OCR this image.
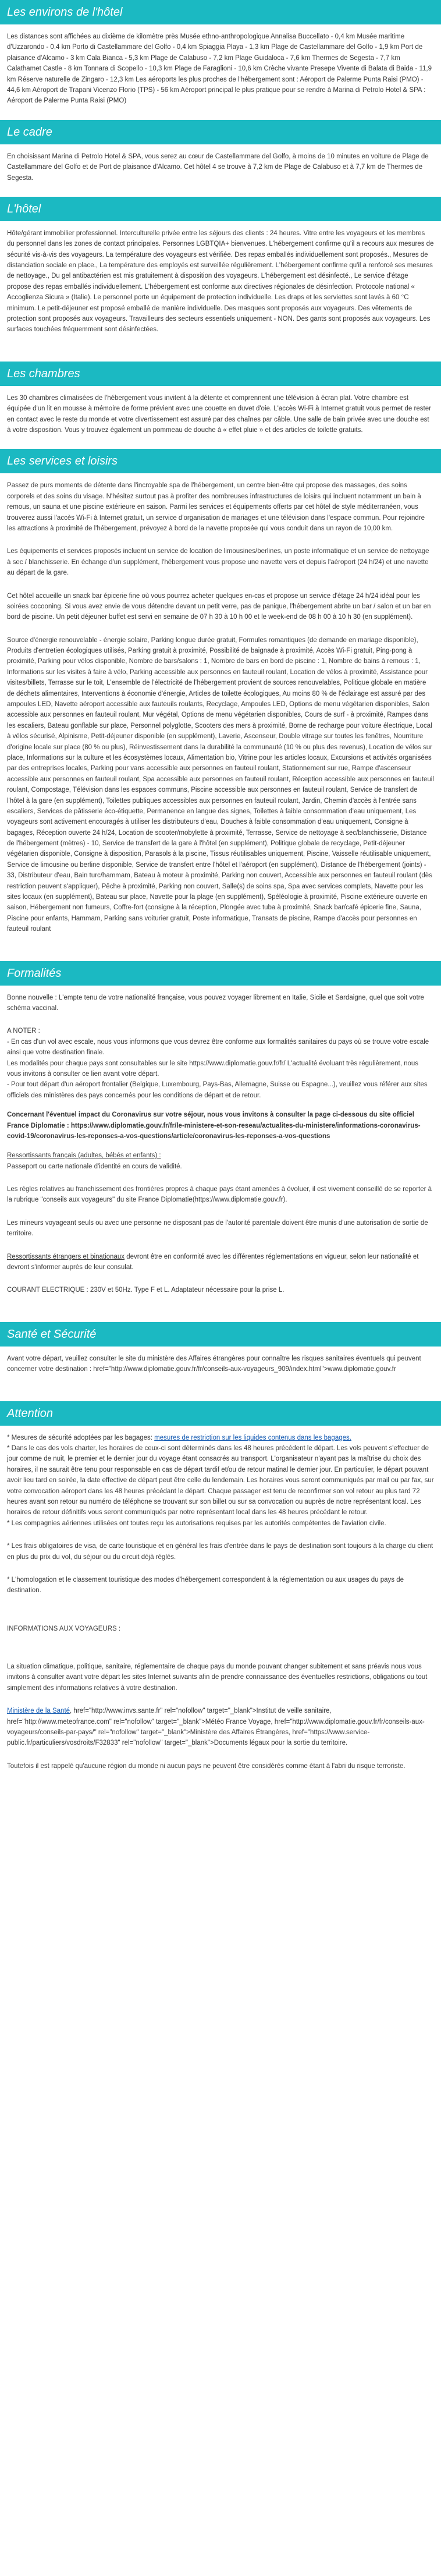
Les environs de l'hôtel

Les distances sont affichées au dixième de kilomètre près Musée ethno-anthropologique Annalisa Buccellato - 0,4 km Musée maritime d'Uzzarondo - 0,4 km Porto di Castellammare del Golfo - 0,4 km Spiaggia Playa - 1,3 km Plage de Castellammare del Golfo - 1,9 km Port de plaisance d'Alcamo - 3 km Cala Bianca - 5,3 km Plage de Calabuso - 7,2 km Plage Guidaloca - 7,6 km Thermes de Segesta - 7,7 km Calathamet Castle - 8 km Tonnara di Scopello - 10,3 km Plage de Faraglioni - 10,6 km Crèche vivante Presepe Vivente di Balata di Baida - 11,9 km Réserve naturelle de Zingaro - 12,3 km Les aéroports les plus proches de l'hébergement sont : Aéroport de Palerme Punta Raisi (PMO) - 44,6 km Aéroport de Trapani Vicenzo Florio (TPS) - 56 km Aéroport principal le plus pratique pour se rendre à Marina di Petrolo Hotel & SPA : Aéroport de Palerme Punta Raisi (PMO)

Le cadre

En choisissant Marina di Petrolo Hotel & SPA, vous serez au cœur de Castellammare del Golfo, à moins de 10 minutes en voiture de Plage de Castellammare del Golfo et de Port de plaisance d'Alcamo. Cet hôtel 4 se trouve à 7,2 km de Plage de Calabuso et à 7,7 km de Thermes de Segesta.

L'hôtel

Hôte/gérant immobilier professionnel. Interculturelle privée entre les séjours des clients : 24 heures. Vitre entre les voyageurs et les membres du personnel dans les zones de contact principales. Personnes LGBTQIA+ bienvenues. L'hébergement confirme qu'il a recours aux mesures de sécurité vis-à-vis des voyageurs. La température des voyageurs est vérifiée. Des repas emballés individuellement sont proposés., Mesures de distanciation sociale en place., La température des employés est surveillée régulièrement. L'hébergement confirme qu'il a renforcé ses mesures de nettoyage., Du gel antibactérien est mis gratuitement à disposition des voyageurs. L'hébergement est désinfecté., Le service d'étage propose des repas emballés individuellement. L'hébergement est conforme aux directives régionales de désinfection. Protocole national « Accoglienza Sicura » (Italie). Le personnel porte un équipement de protection individuelle. Les draps et les serviettes sont lavés à 60 °C minimum. Le petit-déjeuner est proposé emballé de manière individuelle. Des masques sont proposés aux voyageurs. Des vêtements de protection sont proposés aux voyageurs. Travailleurs des secteurs essentiels uniquement - NON. Des gants sont proposés aux voyageurs. Les surfaces touchées fréquemment sont désinfectées.

Les chambres

Les 30 chambres climatisées de l'hébergement vous invitent à la détente et comprennent une télévision à écran plat. Votre chambre est équipée d'un lit en mousse à mémoire de forme prévient avec une couette en duvet d'oie. L'accès Wi-Fi à Internet gratuit vous permet de rester en contact avec le reste du monde et votre divertissement est assuré par des chaînes par câble. Une salle de bain privée avec une douche est à votre disposition. Vous y trouvez également un pommeau de douche à « effet pluie » et des articles de toilette gratuits.

Les services et loisirs

Passez de purs moments de détente dans l'incroyable spa de l'hébergement, un centre bien-être qui propose des massages, des soins corporels et des soins du visage. N'hésitez surtout pas à profiter des nombreuses infrastructures de loisirs qui incluent notamment un bain à remous, un sauna et une piscine extérieure en saison. Parmi les services et équipements offerts par cet hôtel de style méditerranéen, vous trouverez aussi l'accès Wi-Fi à Internet gratuit, un service d'organisation de mariages et une télévision dans l'espace commun. Pour rejoindre les attractions à proximité de l'hébergement, prévoyez à bord de la navette proposée qui vous conduit dans un rayon de 10,00 km.

Les équipements et services proposés incluent un service de location de limousines/berlines, un poste informatique et un service de nettoyage à sec / blanchisserie. En échange d'un supplément, l'hébergement vous propose une navette vers et depuis l'aéroport (24 h/24) et une navette au départ de la gare.

Cet hôtel accueille un snack bar épicerie fine où vous pourrez acheter quelques en-cas et propose un service d'étage 24 h/24 idéal pour les soirées cocooning. Si vous avez envie de vous détendre devant un petit verre, pas de panique, l'hébergement abrite un bar / salon et un bar en bord de piscine. Un petit déjeuner buffet est servi en semaine de 07 h 30 à 10 h 00 et le week-end de 08 h 00 à 10 h 30 (en supplément).

Source d'énergie renouvelable - énergie solaire, Parking longue durée gratuit, Formules romantiques (de demande en mariage disponible), Produits d'entretien écologiques utilisés, Parking gratuit à proximité, Possibilité de baignade à proximité, Accès Wi-Fi gratuit, Ping-pong à proximité, Parking pour vélos disponible, Nombre de bars/salons : 1, Nombre de bars en bord de piscine : 1, Nombre de bains à remous : 1, Informations sur les visites à faire à vélo, Parking accessible aux personnes en fauteuil roulant, Location de vélos à proximité, Assistance pour visites/billets, Terrasse sur le toit, L'ensemble de l'électricité de l'hébergement provient de sources renouvelables, Politique globale en matière de déchets alimentaires, Interventions à économie d'énergie, Articles de toilette écologiques, Au moins 80 % de l'éclairage est assuré par des ampoules LED, Navette aéroport accessible aux fauteuils roulants, Recyclage, Ampoules LED, Options de menu végétarien disponibles, Salon accessible aux personnes en fauteuil roulant, Mur végétal, Options de menu végétarien disponibles, Cours de surf - à proximité, Rampes dans les escaliers, Bateau gonflable sur place, Personnel polyglotte, Scooters des mers à proximité, Borne de recharge pour voiture électrique, Local à vélos sécurisé, Alpinisme, Petit-déjeuner disponible (en supplément), Laverie, Ascenseur, Double vitrage sur toutes les fenêtres, Nourriture d'origine locale sur place (80 % ou plus), Réinvestissement dans la durabilité la communauté (10 % ou plus des revenus), Location de vélos sur place, Informations sur la culture et les écosystèmes locaux, Alimentation bio, Vitrine pour les articles locaux, Excursions et activités organisées par des entreprises locales, Parking pour vans accessible aux personnes en fauteuil roulant, Stationnement sur rue, Rampe d'ascenseur accessible aux personnes en fauteuil roulant, Spa accessible aux personnes en fauteuil roulant, Réception accessible aux personnes en fauteuil roulant, Compostage, Télévision dans les espaces communs, Piscine accessible aux personnes en fauteuil roulant, Service de transfert de l'hôtel à la gare (en supplément), Toilettes publiques accessibles aux personnes en fauteuil roulant, Jardin, Chemin d'accès à l'entrée sans escaliers, Services de pâtisserie éco-étiquette, Permanence en langue des signes, Toilettes à faible consommation d'eau uniquement, Les voyageurs sont activement encouragés à utiliser les distributeurs d'eau, Douches à faible consommation d'eau uniquement, Consigne à bagages, Réception ouverte 24 h/24, Location de scooter/mobylette à proximité, Terrasse, Service de nettoyage à sec/blanchisserie, Distance de l'hébergement (mètres) - 10, Service de transfert de la gare à l'hôtel (en supplément), Politique globale de recyclage, Petit-déjeuner végétarien disponible, Consigne à disposition, Parasols à la piscine, Tissus réutilisables uniquement, Piscine, Vaisselle réutilisable uniquement, Service de limousine ou berline disponible, Service de transfert entre l'hôtel et l'aéroport (en supplément), Distance de l'hébergement (joints) - 33, Distributeur d'eau, Bain turc/hammam, Bateau à moteur à proximité, Parking non couvert, Accessible aux personnes en fauteuil roulant (dès restriction peuvent s'appliquer), Pêche à proximité, Parking non couvert, Salle(s) de soins spa, Spa avec services complets, Navette pour les sites locaux (en supplément), Bateau sur place, Navette pour la plage (en supplément), Spéléologie à proximité, Piscine extérieure ouverte en saison, Hébergement non fumeurs, Coffre-fort (consigne à la réception, Plongée avec tuba à proximité, Snack bar/café épicerie fine, Sauna, Piscine pour enfants, Hammam, Parking sans voiturier gratuit, Poste informatique, Transats de piscine, Rampe d'accès pour personnes en fauteuil roulant

Formalités

Bonne nouvelle : L'empte tenu de votre nationalité française, vous pouvez voyager librement en Italie, Sicile et Sardaigne, quel que soit votre schéma vaccinal.

A NOTER :

- En cas d'un vol avec escale, nous vous informons que vous devrez être conforme aux formalités sanitaires du pays où se trouve votre escale ainsi que votre destination finale.

Les modalités pour chaque pays sont consultables sur le site https://www.diplomatie.gouv.fr/fr/ L'actualité évoluant très régulièrement, nous vous invitons à consulter ce lien avant votre départ.

- Pour tout départ d'un aéroport frontalier (Belgique, Luxembourg, Pays-Bas, Allemagne, Suisse ou Espagne...), veuillez vous référer aux sites officiels des ministères des pays concernés pour les conditions de départ et de retour.

Concernant l'éventuel impact du Coronavirus sur votre séjour, nous vous invitons à consulter la page ci-dessous du site officiel France Diplomatie : https://www.diplomatie.gouv.fr/fr/le-ministere-et-son-reseau/actualites-du-ministere/informations-coronavirus-covid-19/coronavirus-les-reponses-a-vos-questions/article/coronavirus-les-reponses-a-vos-questions

Ressortissants français (adultes, bébés et enfants) :

Passeport ou carte nationale d'identité en cours de validité.

Les règles relatives au franchissement des frontières propres à chaque pays étant amenées à évoluer, il est vivement conseillé de se reporter à la rubrique "conseils aux voyageurs" du site France Diplomatie(https://www.diplomatie.gouv.fr).

Les mineurs voyageant seuls ou avec une personne ne disposant pas de l'autorité parentale doivent être munis d'une autorisation de sortie de territoire.

Ressortissants étrangers et binationaux devront être en conformité avec les différentes réglementations en vigueur, selon leur nationalité et devront s'informer auprès de leur consulat.

COURANT ELECTRIQUE : 230V et 50Hz. Type F et L. Adaptateur nécessaire pour la prise L.

Santé et Sécurité

Avant votre départ, veuillez consulter le site du ministère des Affaires étrangères pour connaître les risques sanitaires éventuels qui peuvent concerner votre destination : href="http://www.diplomatie.gouv.fr/fr/conseils-aux-voyageurs_909/index.html">www.diplomatie.gouv.fr

Attention

* Mesures de sécurité adoptées par les bagages: mesures de restriction sur les liquides contenus dans les bagages.

* Dans le cas des vols charter, les horaires de ceux-ci sont déterminés dans les 48 heures précédent le départ. Les vols peuvent s'effectuer de jour comme de nuit, le premier et le dernier jour du voyage étant consacrés au transport. L'organisateur n'ayant pas la maîtrise du choix des horaires, il ne saurait être tenu pour responsable en cas de départ tardif et/ou de retour matinal le dernier jour. En particulier, le départ pouvant avoir lieu tard en soirée, la date effective de départ peut être celle du lendemain. Les horaires vous seront communiqués par mail ou par fax, sur votre convocation aéroport dans les 48 heures précédant le départ. Chaque passager est tenu de reconfirmer son vol retour au plus tard 72 heures avant son retour au numéro de téléphone se trouvant sur son billet ou sur sa convocation ou auprès de notre représentant local. Les horaires de retour définitifs vous seront communiqués par notre représentant local dans les 48 heures précédant le retour.

* Les compagnies aériennes utilisées ont toutes reçu les autorisations requises par les autorités compétentes de l'aviation civile.

* Les frais obligatoires de visa, de carte touristique et en général les frais d'entrée dans le pays de destination sont toujours à la charge du client en plus du prix du vol, du séjour ou du circuit déjà réglés.

* L'homologation et le classement touristique des modes d'hébergement correspondent à la réglementation ou aux usages du pays de destination.

INFORMATIONS AUX VOYAGEURS :

La situation climatique, politique, sanitaire, réglementaire de chaque pays du monde pouvant changer subitement et sans préavis nous vous invitons à consulter avant votre départ les sites Internet suivants afin de prendre connaissance des éventuelles restrictions, obligations ou tout simplement des informations relatives à votre destination.

Ministère de la Santé, href="http://www.invs.sante.fr" rel="nofollow" target="_blank">Institut de veille sanitaire, href="http://www.meteofrance.com" rel="nofollow" target="_blank">Météo France Voyage, href="http://www.diplomatie.gouv.fr/fr/conseils-aux-voyageurs/conseils-par-pays/" rel="nofollow" target="_blank">Ministère des Affaires Étrangères, href="https://www.service-public.fr/particuliers/vosdroits/F32833" rel="nofollow" target="_blank">Documents légaux pour la sortie du territoire.

Toutefois il est rappelé qu'aucune région du monde ni aucun pays ne peuvent être considérés comme étant à l'abri du risque terroriste.
